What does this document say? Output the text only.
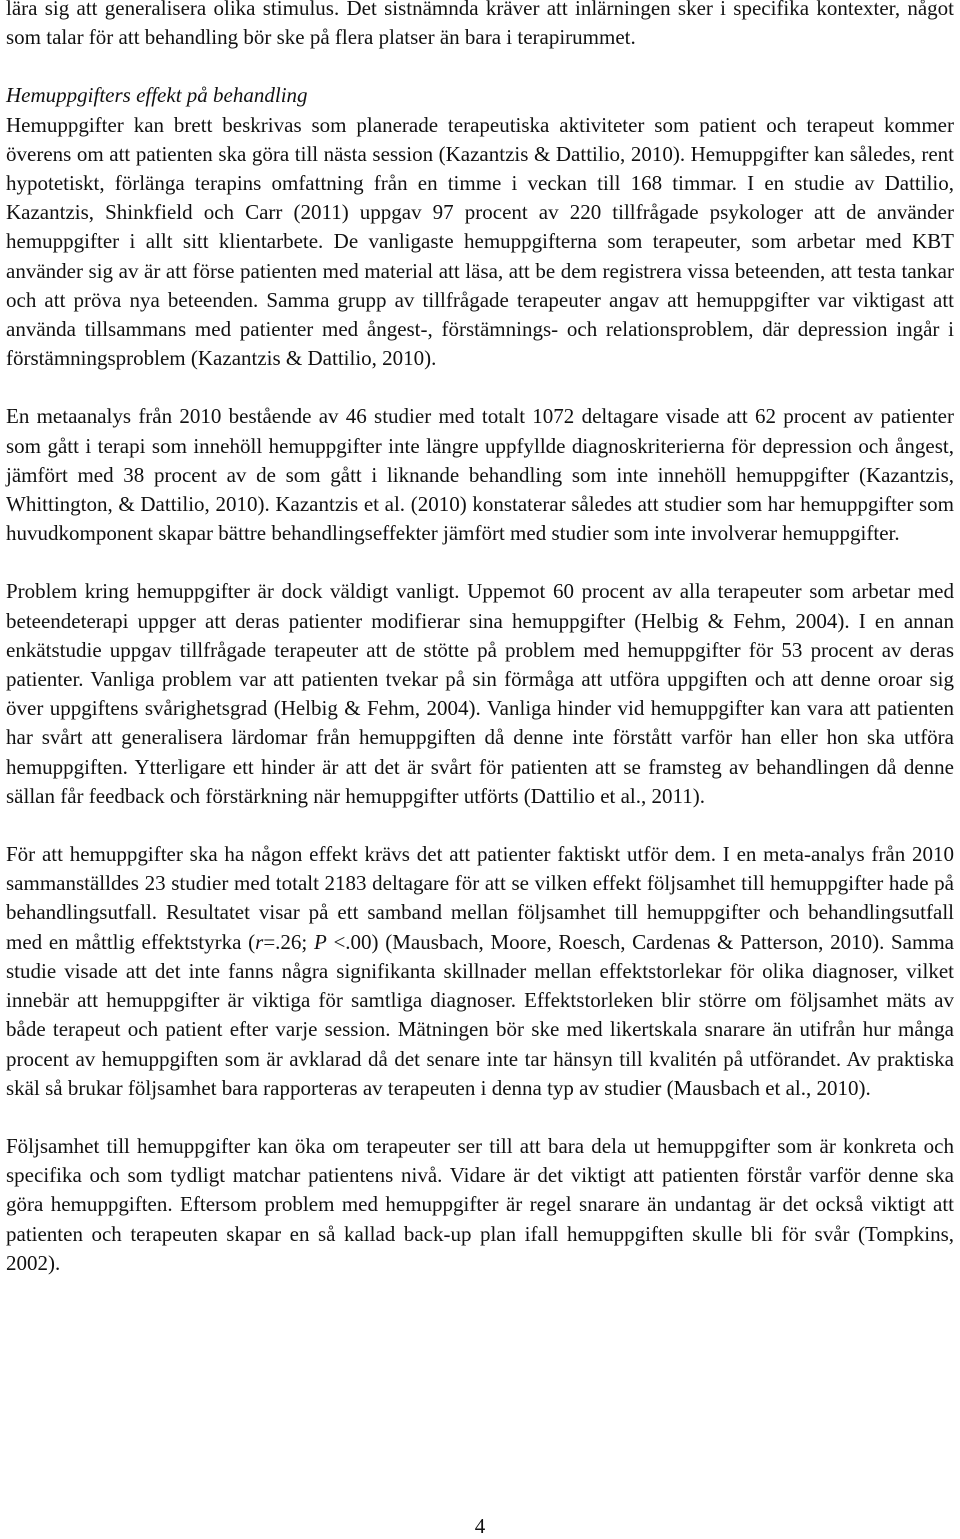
lära sig att generalisera olika stimulus. Det sistnämnda kräver att inlärningen sker i specifika kontexter, något som talar för att behandling bör ske på flera platser än bara i terapirummet.

Hemuppgifters effekt på behandling

Hemuppgifter kan brett beskrivas som planerade terapeutiska aktiviteter som patient och terapeut kommer överens om att patienten ska göra till nästa session (Kazantzis & Dattilio, 2010). Hemuppgifter kan således, rent hypotetiskt, förlänga terapins omfattning från en timme i veckan till 168 timmar. I en studie av Dattilio, Kazantzis, Shinkfield och Carr (2011) uppgav 97 procent av 220 tillfrågade psykologer att de använder hemuppgifter i allt sitt klientarbete. De vanligaste hemuppgifterna som terapeuter, som arbetar med KBT använder sig av är att förse patienten med material att läsa, att be dem registrera vissa beteenden, att testa tankar och att pröva nya beteenden. Samma grupp av tillfrågade terapeuter angav att hemuppgifter var viktigast att använda tillsammans med patienter med ångest-, förstämnings- och relationsproblem, där depression ingår i förstämningsproblem (Kazantzis & Dattilio, 2010).

En metaanalys från 2010 bestående av 46 studier med totalt 1072 deltagare visade att 62 procent av patienter som gått i terapi som innehöll hemuppgifter inte längre uppfyllde diagnoskriterierna för depression och ångest, jämfört med 38 procent av de som gått i liknande behandling som inte innehöll hemuppgifter (Kazantzis, Whittington, & Dattilio, 2010). Kazantzis et al. (2010) konstaterar således att studier som har hemuppgifter som huvudkomponent skapar bättre behandlingseffekter jämfört med studier som inte involverar hemuppgifter.

Problem kring hemuppgifter är dock väldigt vanligt. Uppemot 60 procent av alla terapeuter som arbetar med beteendeterapi uppger att deras patienter modifierar sina hemuppgifter (Helbig & Fehm, 2004). I en annan enkätstudie uppgav tillfrågade terapeuter att de stötte på problem med hemuppgifter för 53 procent av deras patienter. Vanliga problem var att patienten tvekar på sin förmåga att utföra uppgiften och att denne oroar sig över uppgiftens svårighetsgrad (Helbig & Fehm, 2004). Vanliga hinder vid hemuppgifter kan vara att patienten har svårt att generalisera lärdomar från hemuppgiften då denne inte förstått varför han eller hon ska utföra hemuppgiften. Ytterligare ett hinder är att det är svårt för patienten att se framsteg av behandlingen då denne sällan får feedback och förstärkning när hemuppgifter utförts (Dattilio et al., 2011).

För att hemuppgifter ska ha någon effekt krävs det att patienter faktiskt utför dem. I en meta-analys från 2010 sammanställdes 23 studier med totalt 2183 deltagare för att se vilken effekt följsamhet till hemuppgifter hade på behandlingsutfall. Resultatet visar på ett samband mellan följsamhet till hemuppgifter och behandlingsutfall med en måttlig effektstyrka (r=.26; P <.00) (Mausbach, Moore, Roesch, Cardenas & Patterson, 2010). Samma studie visade att det inte fanns några signifikanta skillnader mellan effektstorlekar för olika diagnoser, vilket innebär att hemuppgifter är viktiga för samtliga diagnoser. Effektstorleken blir större om följsamhet mäts av både terapeut och patient efter varje session. Mätningen bör ske med likertskala snarare än utifrån hur många procent av hemuppgiften som är avklarad då det senare inte tar hänsyn till kvalitén på utförandet. Av praktiska skäl så brukar följsamhet bara rapporteras av terapeuten i denna typ av studier (Mausbach et al., 2010).

Följsamhet till hemuppgifter kan öka om terapeuter ser till att bara dela ut hemuppgifter som är konkreta och specifika och som tydligt matchar patientens nivå. Vidare är det viktigt att patienten förstår varför denne ska göra hemuppgiften. Eftersom problem med hemuppgifter är regel snarare än undantag är det också viktigt att patienten och terapeuten skapar en så kallad back-up plan ifall hemuppgiften skulle bli för svår (Tompkins, 2002).

4
